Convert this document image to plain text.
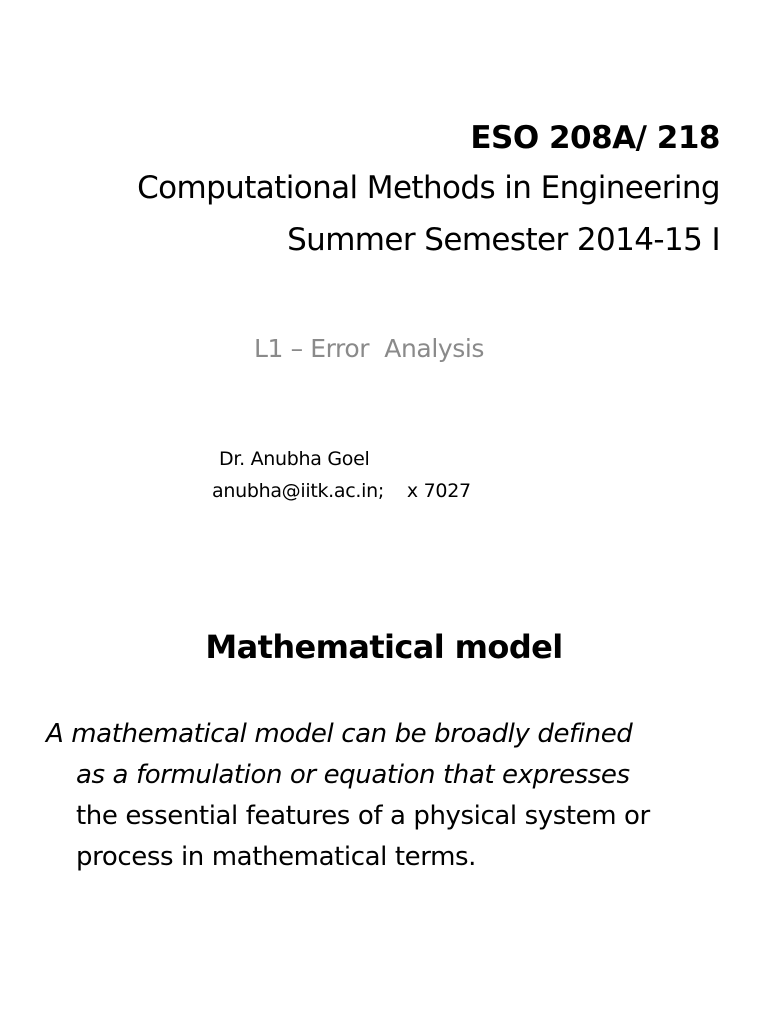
ESO 208A/ 218
Computational Methods in Engineering
Summer Semester 2014-15 I
L1 – Error  Analysis
Dr. Anubha Goel
anubha@iitk.ac.in;    x 7027
Mathematical model
A mathematical model can be broadly defined
as a formulation or equation that expresses
the essential features of a physical system or
process in mathematical terms.
